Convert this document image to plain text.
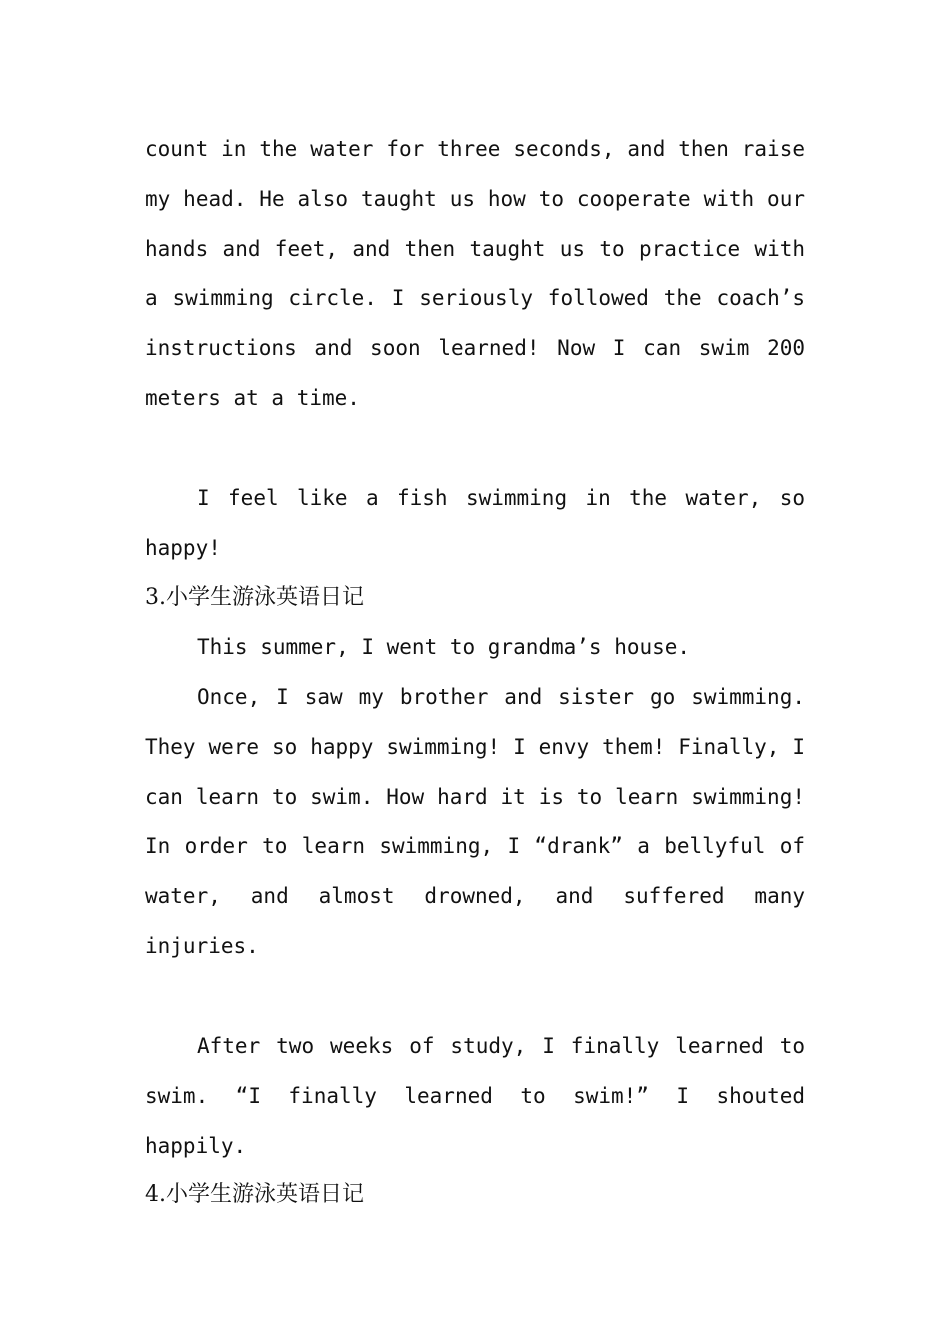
count in the water for three seconds, and then raise my head. He also taught us how to cooperate with our hands and feet, and then taught us to practice with a swimming circle. I seriously followed the coach’s instructions and soon learned! Now I can swim 200 meters at a time.

I feel like a fish swimming in the water, so happy!

3.小学生游泳英语日记

This summer, I went to grandma’s house.

Once, I saw my brother and sister go swimming. They were so happy swimming! I envy them! Finally, I can learn to swim. How hard it is to learn swimming! In order to learn swimming, I “drank” a bellyful of water, and almost drowned, and suffered many injuries.

After two weeks of study, I finally learned to swim. “I finally learned to swim!” I shouted happily.

4.小学生游泳英语日记
